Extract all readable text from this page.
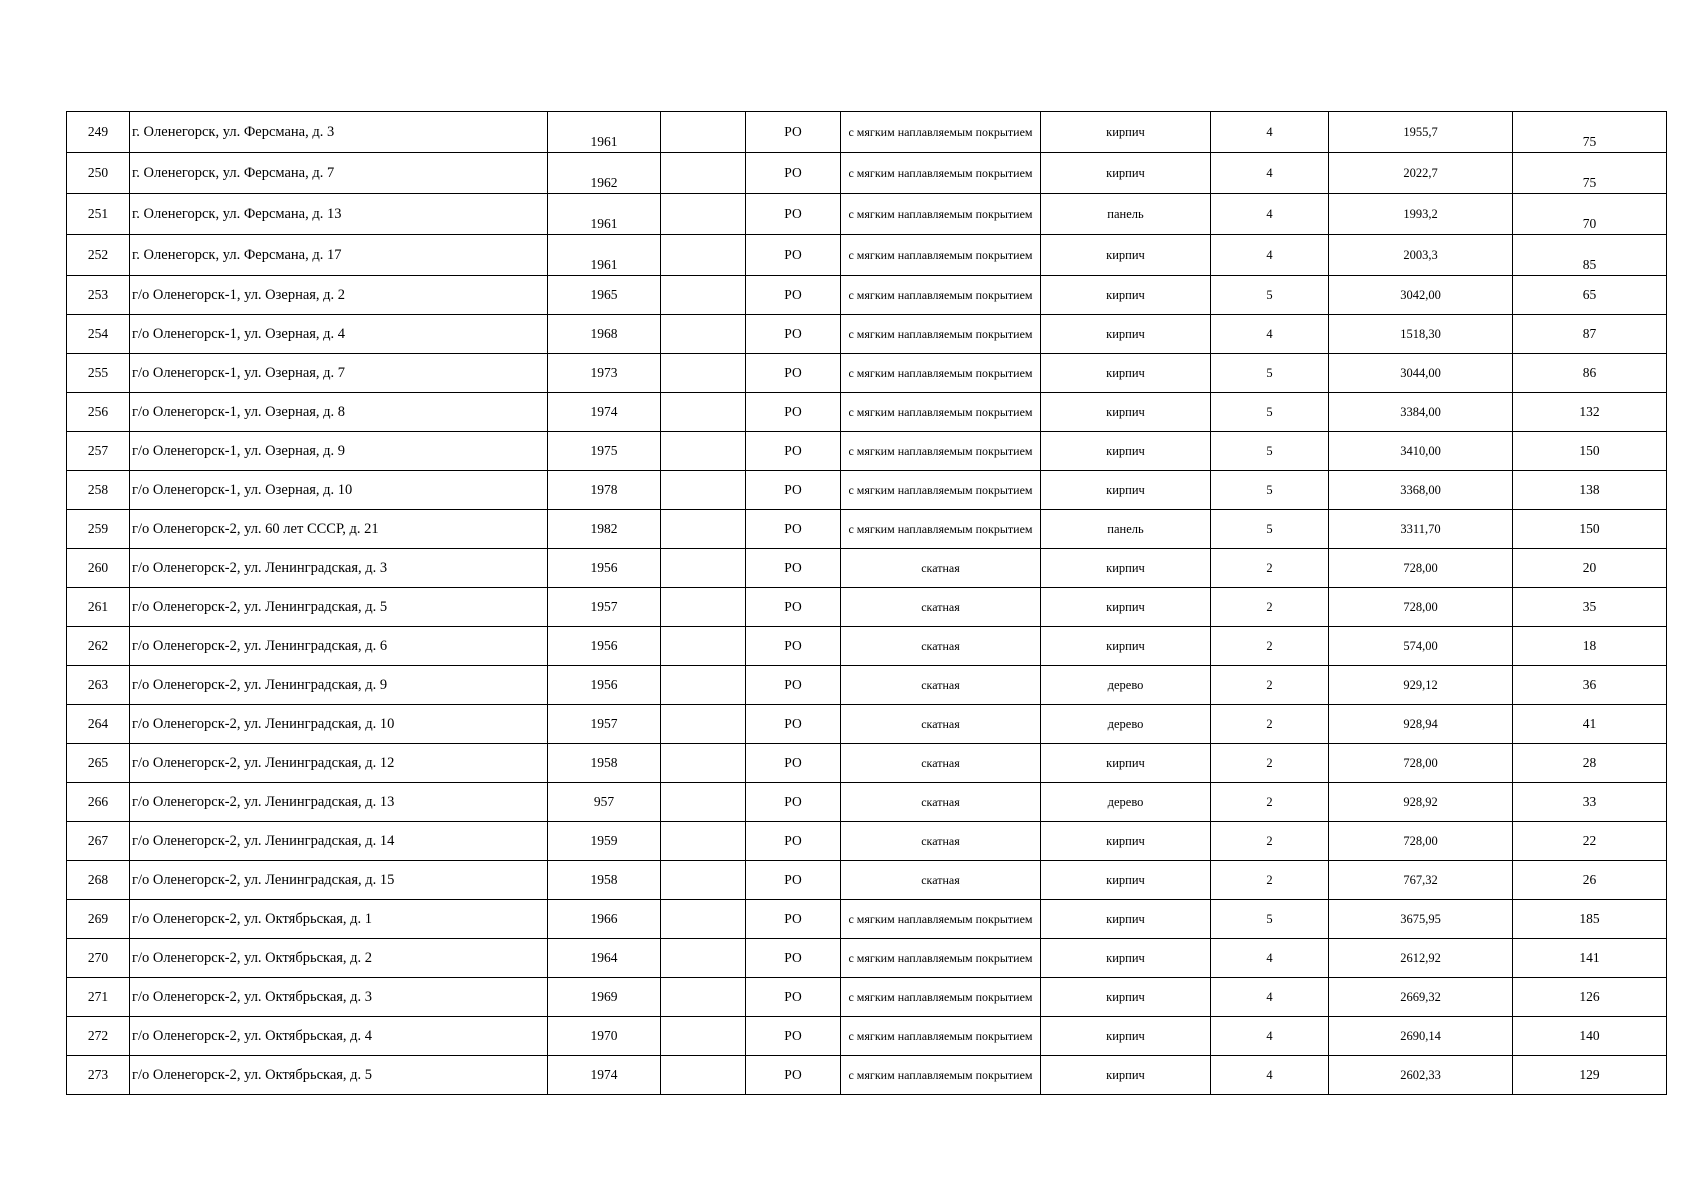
249	г. Оленегорск, ул. Ферсмана, д. 3	1961		РО	с мягким наплавляемым покрытием	кирпич	4	1955,7	75
250	г. Оленегорск, ул. Ферсмана, д. 7	1962		РО	с мягким наплавляемым покрытием	кирпич	4	2022,7	75
251	г. Оленегорск, ул. Ферсмана, д. 13	1961		РО	с мягким наплавляемым покрытием	панель	4	1993,2	70
252	г. Оленегорск, ул. Ферсмана, д. 17	1961		РО	с мягким наплавляемым покрытием	кирпич	4	2003,3	85
253	г/о Оленегорск-1, ул. Озерная, д. 2	1965		РО	с мягким наплавляемым покрытием	кирпич	5	3042,00	65
254	г/о Оленегорск-1, ул. Озерная, д. 4	1968		РО	с мягким наплавляемым покрытием	кирпич	4	1518,30	87
255	г/о Оленегорск-1, ул. Озерная, д. 7	1973		РО	с мягким наплавляемым покрытием	кирпич	5	3044,00	86
256	г/о Оленегорск-1, ул. Озерная, д. 8	1974		РО	с мягким наплавляемым покрытием	кирпич	5	3384,00	132
257	г/о Оленегорск-1, ул. Озерная, д. 9	1975		РО	с мягким наплавляемым покрытием	кирпич	5	3410,00	150
258	г/о Оленегорск-1, ул. Озерная, д. 10	1978		РО	с мягким наплавляемым покрытием	кирпич	5	3368,00	138
259	г/о Оленегорск-2, ул. 60 лет СССР, д. 21	1982		РО	с мягким наплавляемым покрытием	панель	5	3311,70	150
260	г/о Оленегорск-2, ул. Ленинградская, д. 3	1956		РО	скатная	кирпич	2	728,00	20
261	г/о Оленегорск-2, ул. Ленинградская, д. 5	1957		РО	скатная	кирпич	2	728,00	35
262	г/о Оленегорск-2, ул. Ленинградская, д. 6	1956		РО	скатная	кирпич	2	574,00	18
263	г/о Оленегорск-2, ул. Ленинградская, д. 9	1956		РО	скатная	дерево	2	929,12	36
264	г/о Оленегорск-2, ул. Ленинградская, д. 10	1957		РО	скатная	дерево	2	928,94	41
265	г/о Оленегорск-2, ул. Ленинградская, д. 12	1958		РО	скатная	кирпич	2	728,00	28
266	г/о Оленегорск-2, ул. Ленинградская, д. 13	957		РО	скатная	дерево	2	928,92	33
267	г/о Оленегорск-2, ул. Ленинградская, д. 14	1959		РО	скатная	кирпич	2	728,00	22
268	г/о Оленегорск-2, ул. Ленинградская, д. 15	1958		РО	скатная	кирпич	2	767,32	26
269	г/о Оленегорск-2, ул. Октябрьская, д. 1	1966		РО	с мягким наплавляемым покрытием	кирпич	5	3675,95	185
270	г/о Оленегорск-2, ул. Октябрьская, д. 2	1964		РО	с мягким наплавляемым покрытием	кирпич	4	2612,92	141
271	г/о Оленегорск-2, ул. Октябрьская, д. 3	1969		РО	с мягким наплавляемым покрытием	кирпич	4	2669,32	126
272	г/о Оленегорск-2, ул. Октябрьская, д. 4	1970		РО	с мягким наплавляемым покрытием	кирпич	4	2690,14	140
273	г/о Оленегорск-2, ул. Октябрьская, д. 5	1974		РО	с мягким наплавляемым покрытием	кирпич	4	2602,33	129
